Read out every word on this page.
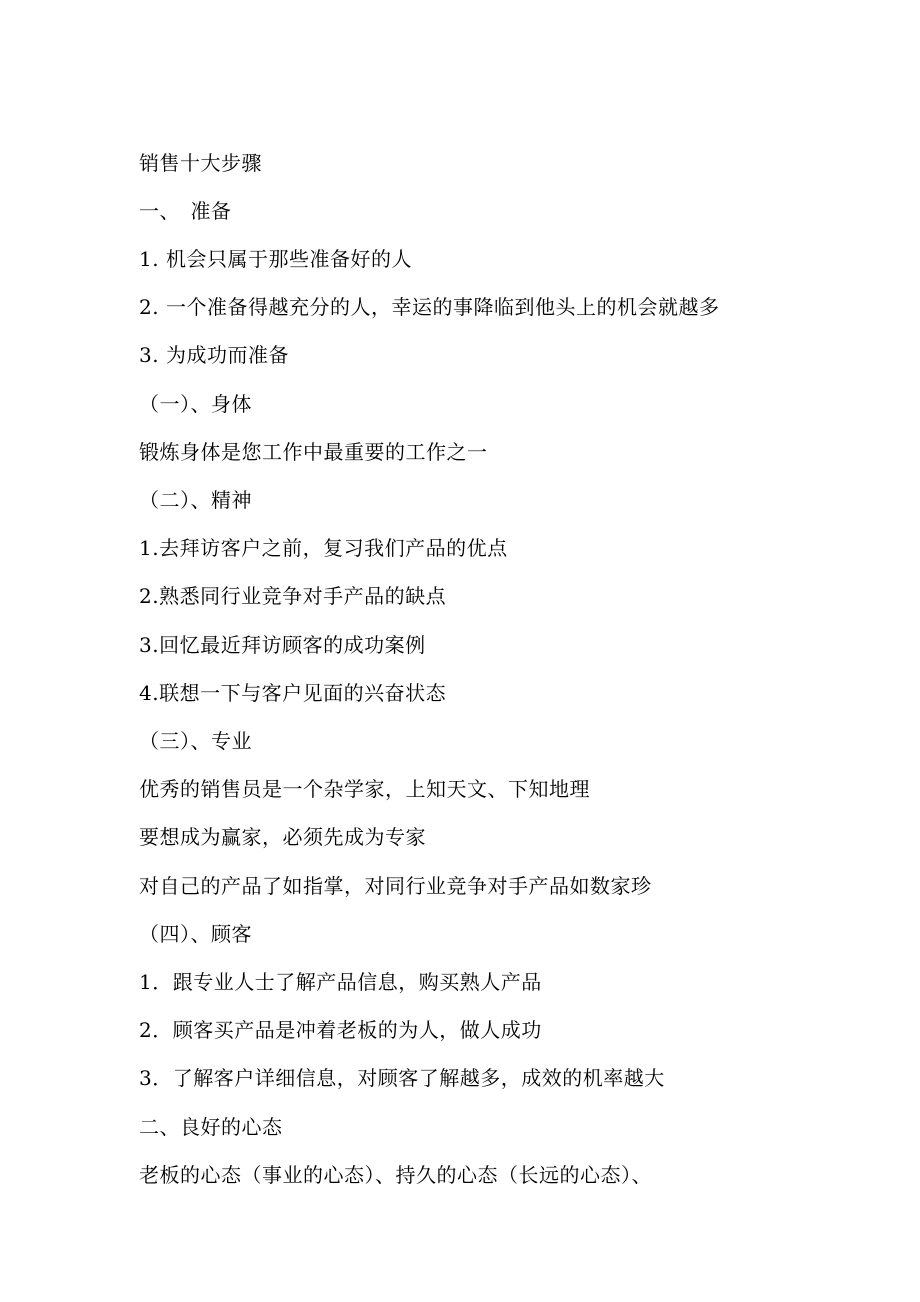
销售十大步骤
一、　准备
1. 机会只属于那些准备好的人
2. 一个准备得越充分的人，幸运的事降临到他头上的机会就越多
3. 为成功而准备
（一）、身体
锻炼身体是您工作中最重要的工作之一
（二）、精神
1.去拜访客户之前，复习我们产品的优点
2.熟悉同行业竞争对手产品的缺点
3.回忆最近拜访顾客的成功案例
4.联想一下与客户见面的兴奋状态
（三）、专业
优秀的销售员是一个杂学家，上知天文、下知地理
要想成为赢家，必须先成为专家
对自己的产品了如指掌，对同行业竞争对手产品如数家珍
（四）、顾客
1．跟专业人士了解产品信息，购买熟人产品
2．顾客买产品是冲着老板的为人，做人成功
3．了解客户详细信息，对顾客了解越多，成效的机率越大
二、良好的心态
老板的心态（事业的心态）、持久的心态（长远的心态）、
